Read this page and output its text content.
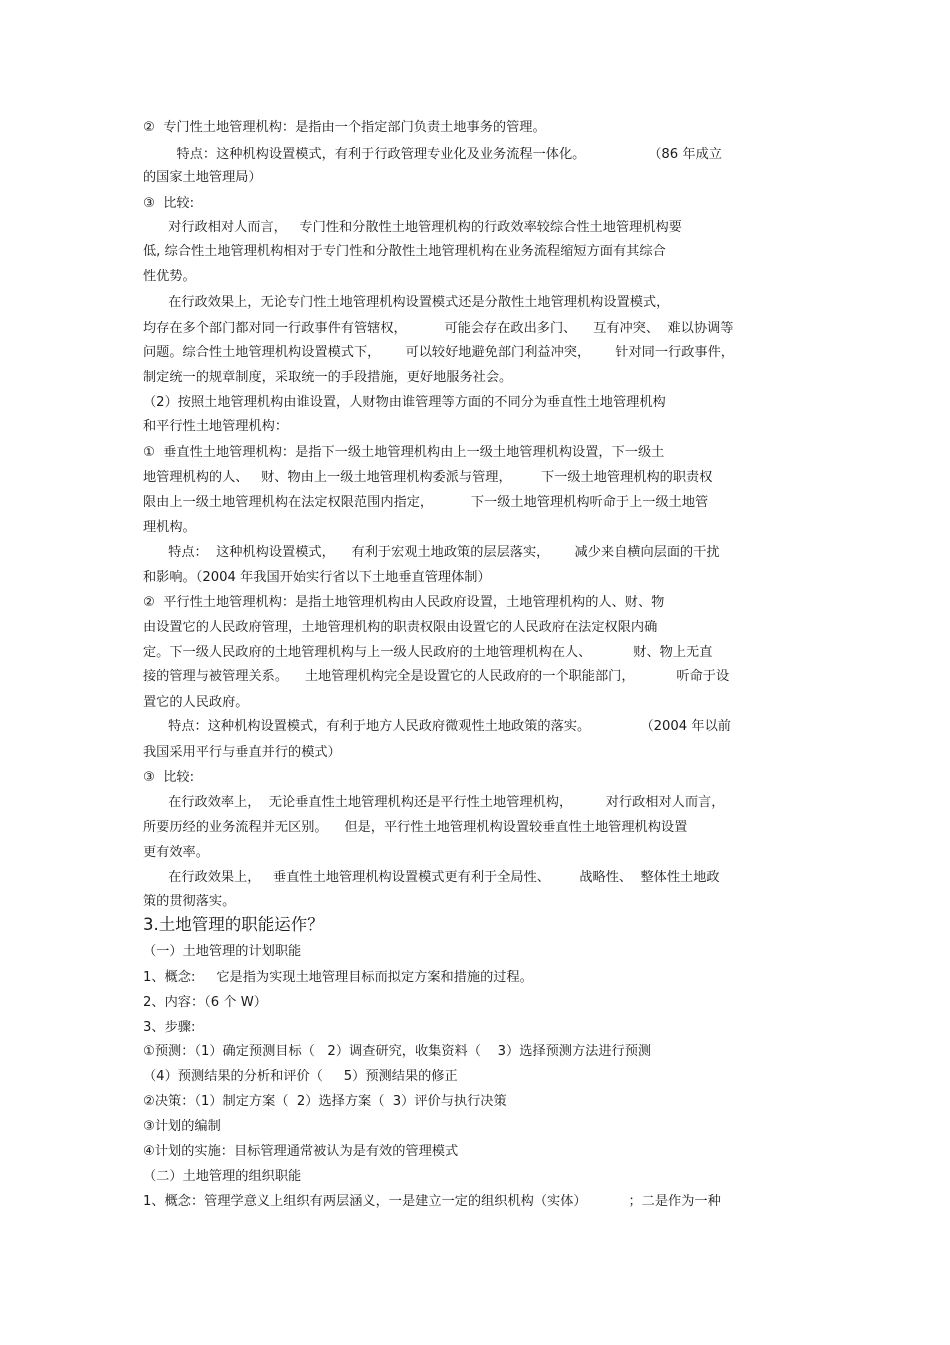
②  专门性土地管理机构：是指由一个指定部门负责土地事务的管理。
特点：这种机构设置模式，有利于行政管理专业化及业务流程一体化。               （86 年成立
的国家土地管理局）
③  比较:
对行政相对人而言，   专门性和分散性土地管理机构的行政效率较综合性土地管理机构要
低, 综合性土地管理机构相对于专门性和分散性土地管理机构在业务流程缩短方面有其综合
性优势。
在行政效果上，无论专门性土地管理机构设置模式还是分散性土地管理机构设置模式，
均存在多个部门都对同一行政事件有管辖权，         可能会存在政出多门、    互有冲突、  难以协调等
问题。综合性土地管理机构设置模式下，      可以较好地避免部门利益冲突，      针对同一行政事件，
制定统一的规章制度，采取统一的手段措施，更好地服务社会。
（2）按照土地管理机构由谁设置，人财物由谁管理等方面的不同分为垂直性土地管理机构
和平行性土地管理机构：
①  垂直性土地管理机构：是指下一级土地管理机构由上一级土地管理机构设置，下一级土
地管理机构的人、   财、物由上一级土地管理机构委派与管理，       下一级土地管理机构的职责权
限由上一级土地管理机构在法定权限范围内指定，         下一级土地管理机构听命于上一级土地管
理机构。
特点：  这种机构设置模式，    有利于宏观土地政策的层层落实，      减少来自横向层面的干扰
和影响。（2004 年我国开始实行省以下土地垂直管理体制）
②  平行性土地管理机构：是指土地管理机构由人民政府设置，土地管理机构的人、财、物
由设置它的人民政府管理，土地管理机构的职责权限由设置它的人民政府在法定权限内确
定。下一级人民政府的土地管理机构与上一级人民政府的土地管理机构在人、          财、物上无直
接的管理与被管理关系。    土地管理机构完全是设置它的人民政府的一个职能部门，          听命于设
置它的人民政府。
特点：这种机构设置模式，有利于地方人民政府微观性土地政策的落实。            （2004 年以前
我国采用平行与垂直并行的模式）
③  比较:
在行政效率上，  无论垂直性土地管理机构还是平行性土地管理机构，        对行政相对人而言，
所要历经的业务流程并无区别。    但是，平行性土地管理机构设置较垂直性土地管理机构设置
更有效率。
在行政效果上，   垂直性土地管理机构设置模式更有利于全局性、       战略性、  整体性土地政
策的贯彻落实。
3.土地管理的职能运作？
（一）土地管理的计划职能
1、概念:     它是指为实现土地管理目标而拟定方案和措施的过程。
2、内容：（6 个 W）
3、步骤:
①预测：（1）确定预测目标（   2）调查研究，收集资料（    3）选择预测方法进行预测
（4）预测结果的分析和评价（     5）预测结果的修正
②决策：（1）制定方案（  2）选择方案（  3）评价与执行决策
③计划的编制
④计划的实施：目标管理通常被认为是有效的管理模式
（二）土地管理的组织职能
1、概念：管理学意义上组织有两层涵义，一是建立一定的组织机构（实体）          ；二是作为一种
